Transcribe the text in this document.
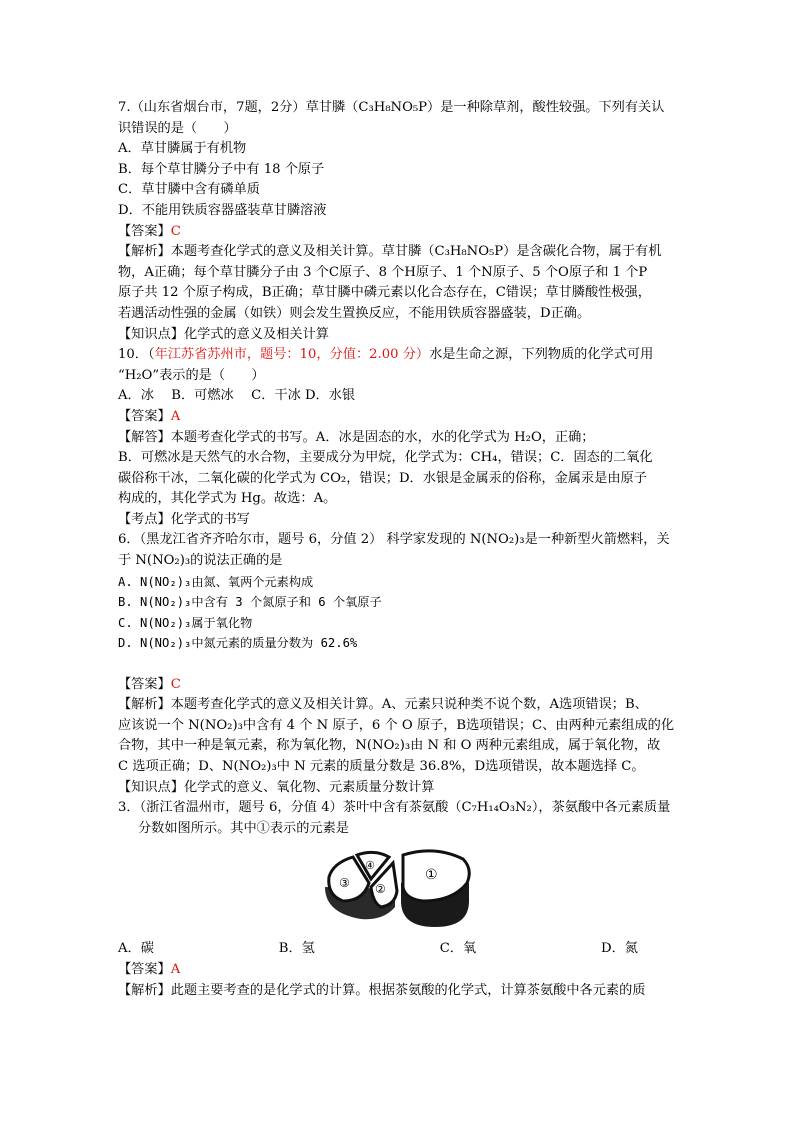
7.（山东省烟台市，7题，2分）草甘膦（C₃H₈NO₅P）是一种除草剂，酸性较强。下列有关认

识错误的是（　　）

A．草甘膦属于有机物

B．每个草甘膦分子中有 18 个原子

C．草甘膦中含有磷单质

D．不能用铁质容器盛装草甘膦溶液

【答案】C

【解析】本题考查化学式的意义及相关计算。草甘膦（C₃H₈NO₅P）是含碳化合物，属于有机

物，A正确；每个草甘膦分子由 3 个C原子、8 个H原子、1 个N原子、5 个O原子和 1 个P

原子共 12 个原子构成，B正确；草甘膦中磷元素以化合态存在，C错误；草甘膦酸性极强，

若遇活动性强的金属（如铁）则会发生置换反应，不能用铁质容器盛装，D正确。

【知识点】化学式的意义及相关计算

10．（年江苏省苏州市，题号：10，分值：2.00 分）水是生命之源，下列物质的化学式可用

“H₂O”表示的是（　　）

A．冰　 B．可燃冰　 C．干冰 D．水银

【答案】A

【解答】本题考查化学式的书写。A．冰是固态的水，水的化学式为 H₂O，正确；

B．可燃冰是天然气的水合物，主要成分为甲烷，化学式为：CH₄，错误；C．固态的二氧化

碳俗称干冰，二氧化碳的化学式为 CO₂，错误；D．水银是金属汞的俗称，金属汞是由原子

构成的，其化学式为 Hg。故选：A。

【考点】化学式的书写

6．（黑龙江省齐齐哈尔市，题号 6，分值 2） 科学家发现的 N(NO₂)₃是一种新型火箭燃料，关

于 N(NO₂)₃的说法正确的是

A. N(NO₂)₃由氮、氧两个元素构成

B. N(NO₂)₃中含有 3 个氮原子和 6 个氧原子

C. N(NO₂)₃属于氧化物

D. N(NO₂)₃中氮元素的质量分数为 62.6%

【答案】C

【解析】本题考查化学式的意义及相关计算。A、元素只说种类不说个数，A选项错误；B、

应该说一个 N(NO₂)₃中含有 4 个 N 原子，6 个 O 原子，B选项错误；C、由两种元素组成的化

合物，其中一种是氧元素，称为氧化物，N(NO₂)₃由 N 和 O 两种元素组成，属于氧化物，故

C 选项正确；D、N(NO₂)₃中 N 元素的质量分数是 36.8%，D选项错误，故本题选择 C。

【知识点】化学式的意义、氧化物、元素质量分数计算

3．（浙江省温州市，题号 6，分值 4）茶叶中含有茶氨酸（C₇H₁₄O₃N₂），茶氨酸中各元素质量

分数如图所示。其中①表示的元素是

①
②
③
④
A．碳	B．氢	C．氧	D．氮

【答案】A

【解析】此题主要考查的是化学式的计算。根据茶氨酸的化学式，计算茶氨酸中各元素的质
